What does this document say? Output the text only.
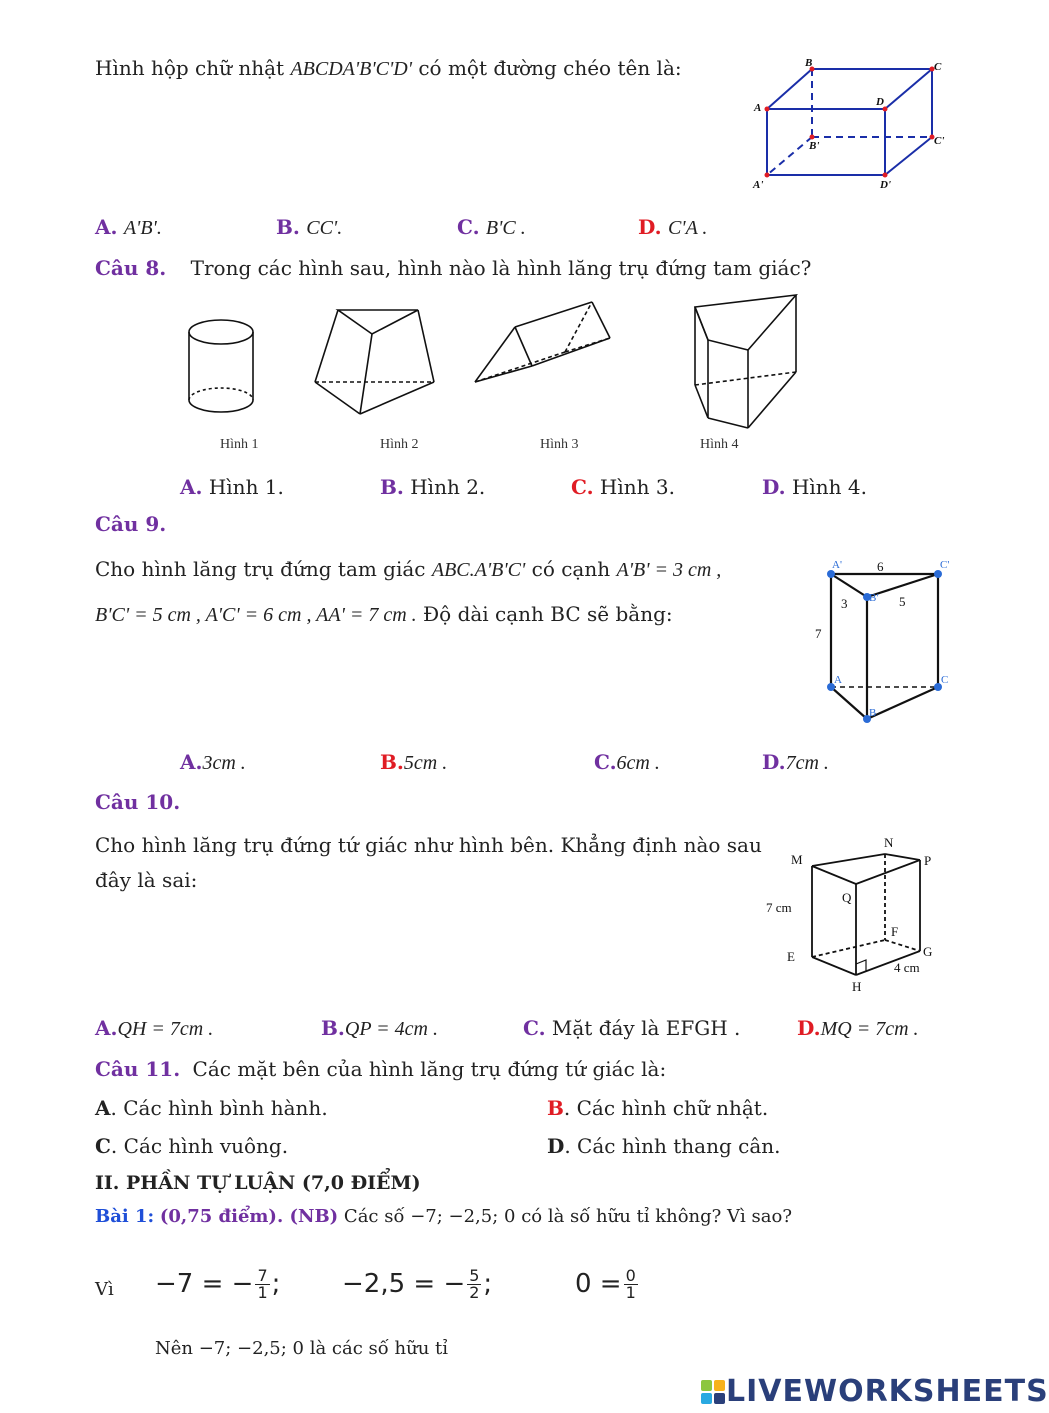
Hình hộp chữ nhật ABCDA'B'C'D' có một đường chéo tên là:	B	C
A	D
B'	C'
A'	D'
A. A'B'.	B. CC'.	C. B'C .	D. C'A .
Câu 8. Trong các hình sau, hình nào là hình lăng trụ đứng tam giác?
Hình 1	Hình 2	Hình 3	Hình 4
A. Hình 1.	B. Hình 2.	C. Hình 3.	D. Hình 4.
Câu 9.
Cho hình lăng trụ đứng tam giác ABC.A'B'C' có cạnh A'B' = 3 cm ,
B'C' = 5 cm , A'C' = 6 cm , AA' = 7 cm . Độ dài cạnh BC sẽ bằng:
A'	C'
B'
A	C
B
6
3	5
7
A.3cm .	B.5cm .	C.6cm .	D.7cm .
Câu 10.
Cho hình lăng trụ đứng tứ giác như hình bên. Khẳng định nào sau
đây là sai:
N
M	P
Q
7 cm
F
E	G
4 cm
H
A.QH = 7cm .	B.QP = 4cm .	C. Mặt đáy là EFGH .	D.MQ = 7cm .
Câu 11. Các mặt bên của hình lăng trụ đứng tứ giác là:
A. Các hình bình hành.	B. Các hình chữ nhật.
C. Các hình vuông.	D. Các hình thang cân.
II. PHẦN TỰ LUẬN (7,0 ĐIỂM)
Bài 1: (0,75 điểm). (NB) Các số −7; −2,5; 0 có là số hữu tỉ không? Vì sao?
Vì −7 = − $\frac{7}{1}$ ; −2,5 = − $\frac{5}{2}$ ;	$0 = \frac{0}{1}$
Nên −7; −2,5; 0 là các số hữu tỉ
LIVEWORKSHEETS
